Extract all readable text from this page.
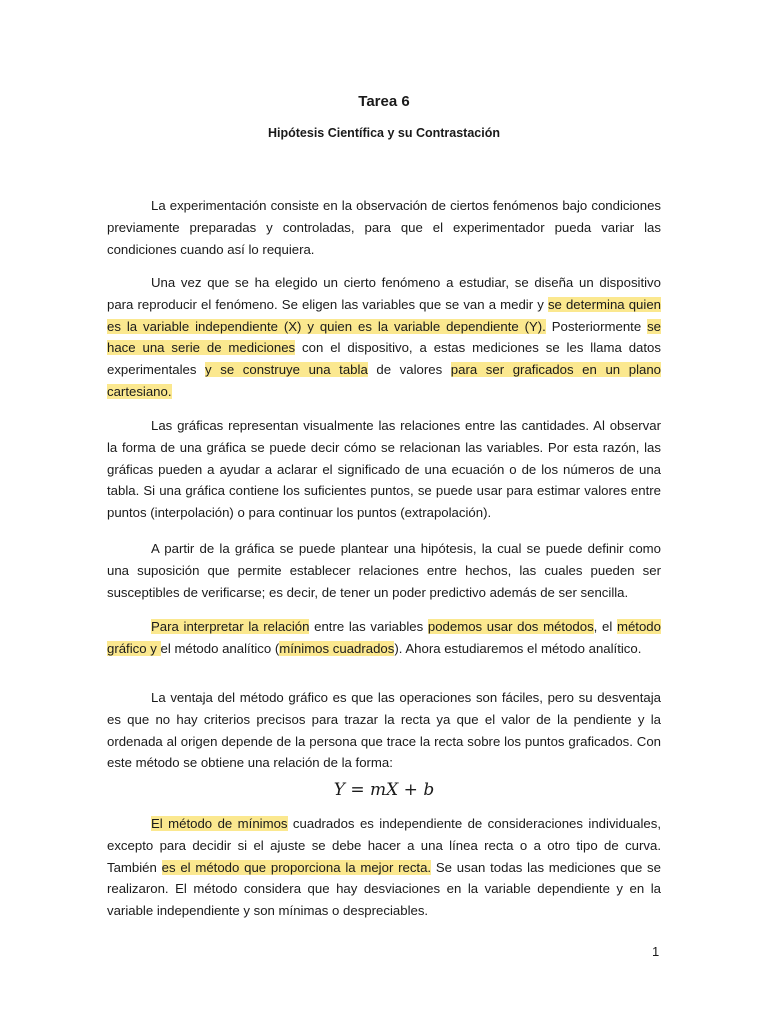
Tarea 6
Hipótesis Científica y su Contrastación

La experimentación consiste en la observación de ciertos fenómenos bajo condiciones previamente preparadas y controladas, para que el experimentador pueda variar las condiciones cuando así lo requiera.

Una vez que se ha elegido un cierto fenómeno a estudiar, se diseña un dispositivo para reproducir el fenómeno. Se eligen las variables que se van a medir y se determina quien es la variable independiente (X) y quien es la variable dependiente (Y). Posteriormente se hace una serie de mediciones con el dispositivo, a estas mediciones se les llama datos experimentales y se construye una tabla de valores para ser graficados en un plano cartesiano.

Las gráficas representan visualmente las relaciones entre las cantidades. Al observar la forma de una gráfica se puede decir cómo se relacionan las variables. Por esta razón, las gráficas pueden a ayudar a aclarar el significado de una ecuación o de los números de una tabla. Si una gráfica contiene los suficientes puntos, se puede usar para estimar valores entre puntos (interpolación) o para continuar los puntos (extrapolación).

A partir de la gráfica se puede plantear una hipótesis, la cual se puede definir como una suposición que permite establecer relaciones entre hechos, las cuales pueden ser susceptibles de verificarse; es decir, de tener un poder predictivo además de ser sencilla.

Para interpretar la relación entre las variables podemos usar dos métodos, el método gráfico y el método analítico (mínimos cuadrados). Ahora estudiaremos el método analítico.

La ventaja del método gráfico es que las operaciones son fáciles, pero su desventaja es que no hay criterios precisos para trazar la recta ya que el valor de la pendiente y la ordenada al origen depende de la persona que trace la recta sobre los puntos graficados. Con este método se obtiene una relación de la forma:

Y = mX + b

El método de mínimos cuadrados es independiente de consideraciones individuales, excepto para decidir si el ajuste se debe hacer a una línea recta o a otro tipo de curva. También es el método que proporciona la mejor recta. Se usan todas las mediciones que se realizaron. El método considera que hay desviaciones en la variable dependiente y en la variable independiente y son mínimas o despreciables.

1
